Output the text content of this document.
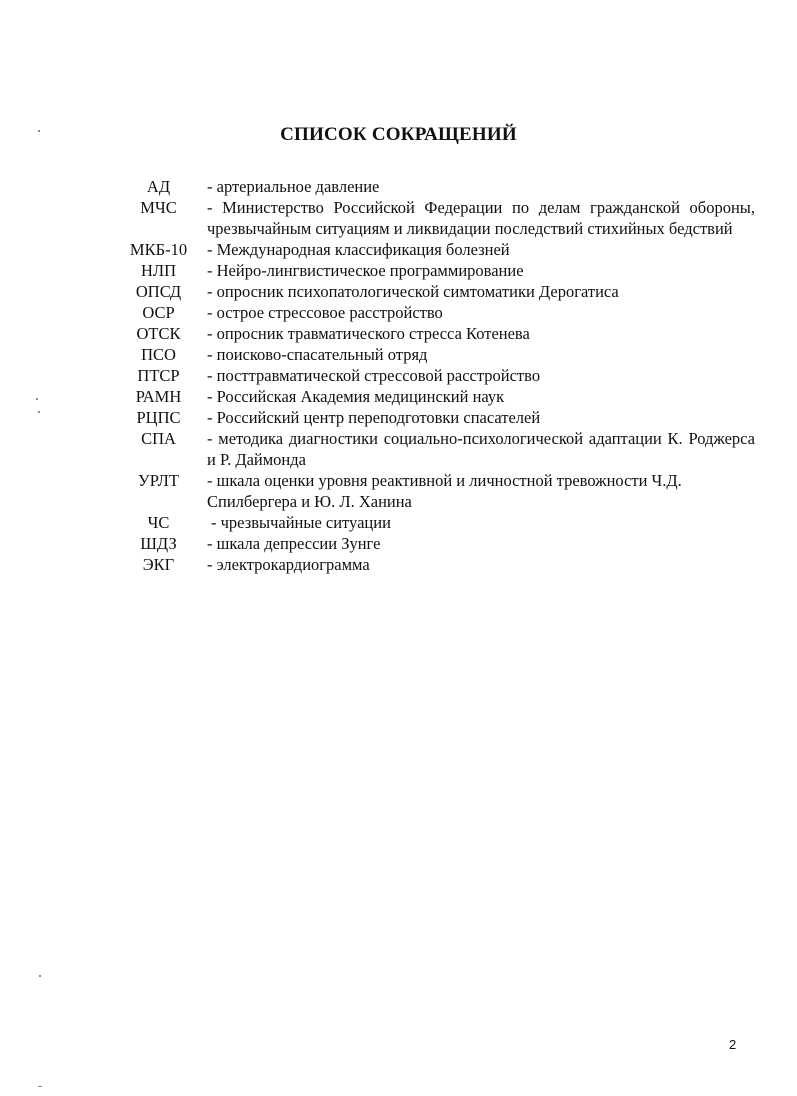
СПИСОК СОКРАЩЕНИЙ
АД	- артериальное давление
МЧС	- Министерство Российской Федерации по делам гражданской обороны, чрезвычайным ситуациям и ликвидации последствий стихийных бедствий
МКБ-10	- Международная классификация болезней
НЛП	- Нейро-лингвистическое программирование
ОПСД	- опросник психопатологической симтоматики Дерогатиса
ОСР	- острое стрессовое расстройство
ОТСК	- опросник травматического стресса Котенева
ПСО	- поисково-спасательный отряд
ПТСР	- посттравматической стрессовой расстройство
РАМН	- Российская Академия медицинский наук
РЦПС	- Российский центр переподготовки спасателей
СПА	- методика диагностики социально-психологической адаптации К. Роджерса и Р. Даймонда
УРЛТ	- шкала оценки уровня реактивной и личностной тревожности Ч.Д. Спилбергера и Ю. Л. Ханина
ЧС	- чрезвычайные ситуации
ШДЗ	- шкала депрессии Зунге
ЭКГ	- электрокардиограмма
2
